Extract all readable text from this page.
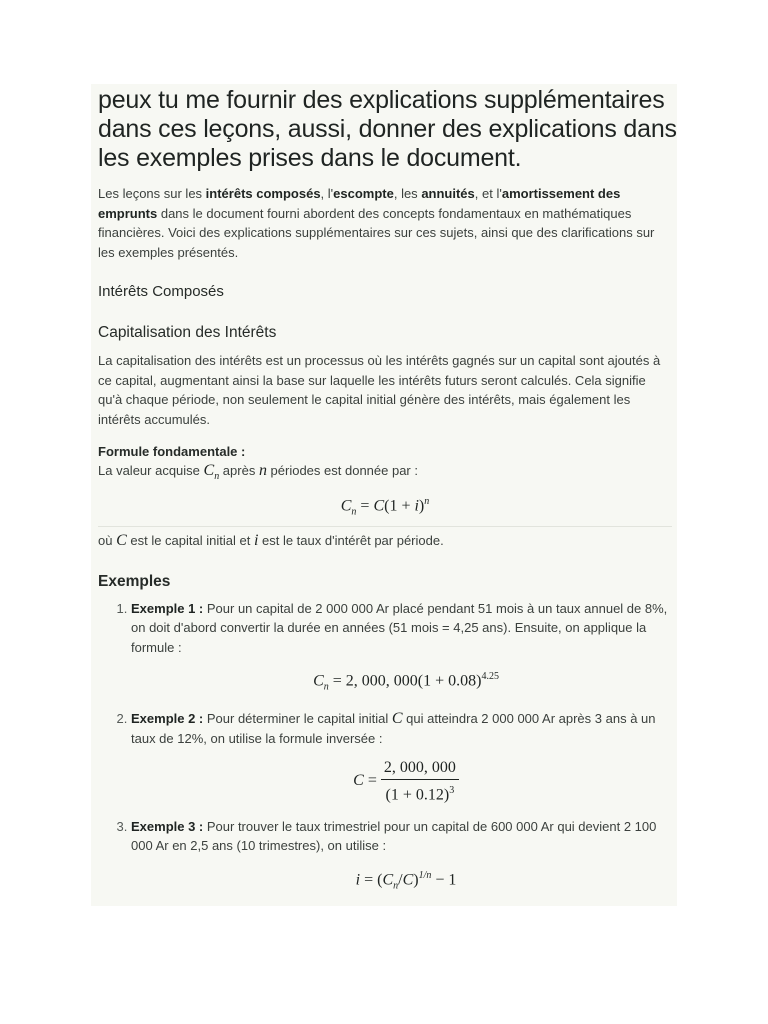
peux tu me fournir des explications supplémentaires dans ces leçons, aussi, donner des explications dans les exemples prises dans le document.

Les leçons sur les intérêts composés, l'escompte, les annuités, et l'amortissement des emprunts dans le document fourni abordent des concepts fondamentaux en mathématiques financières. Voici des explications supplémentaires sur ces sujets, ainsi que des clarifications sur les exemples présentés.

Intérêts Composés
Capitalisation des Intérêts

La capitalisation des intérêts est un processus où les intérêts gagnés sur un capital sont ajoutés à ce capital, augmentant ainsi la base sur laquelle les intérêts futurs seront calculés. Cela signifie qu'à chaque période, non seulement le capital initial génère des intérêts, mais également les intérêts accumulés.

Formule fondamentale :

La valeur acquise $C_n$ après n périodes est donnée par :

$C_n = C(1 + i)^n$

où C est le capital initial et i est le taux d'intérêt par période.

Exemples
1. Exemple 1 : Pour un capital de 2 000 000 Ar placé pendant 51 mois à un taux annuel de 8%, on doit d'abord convertir la durée en années (51 mois = 4,25 ans). Ensuite, on applique la formule :
$C_n = 2$, 000, $000(1 + 0.08)^{4.25}$
2. Exemple 2 : Pour déterminer le capital initial C qui atteindra 2 000 000 Ar après 3 ans à un taux de 12%, on utilise la formule inversée :
$C = \frac{2, 000, 000}{(1 + 0.12)^3}$
3. Exemple 3 : Pour trouver le taux trimestriel pour un capital de 600 000 Ar qui devient 2 100 000 Ar en 2,5 ans (10 trimestres), on utilise :
$i = (C_n/C)^{1/n} - 1$
